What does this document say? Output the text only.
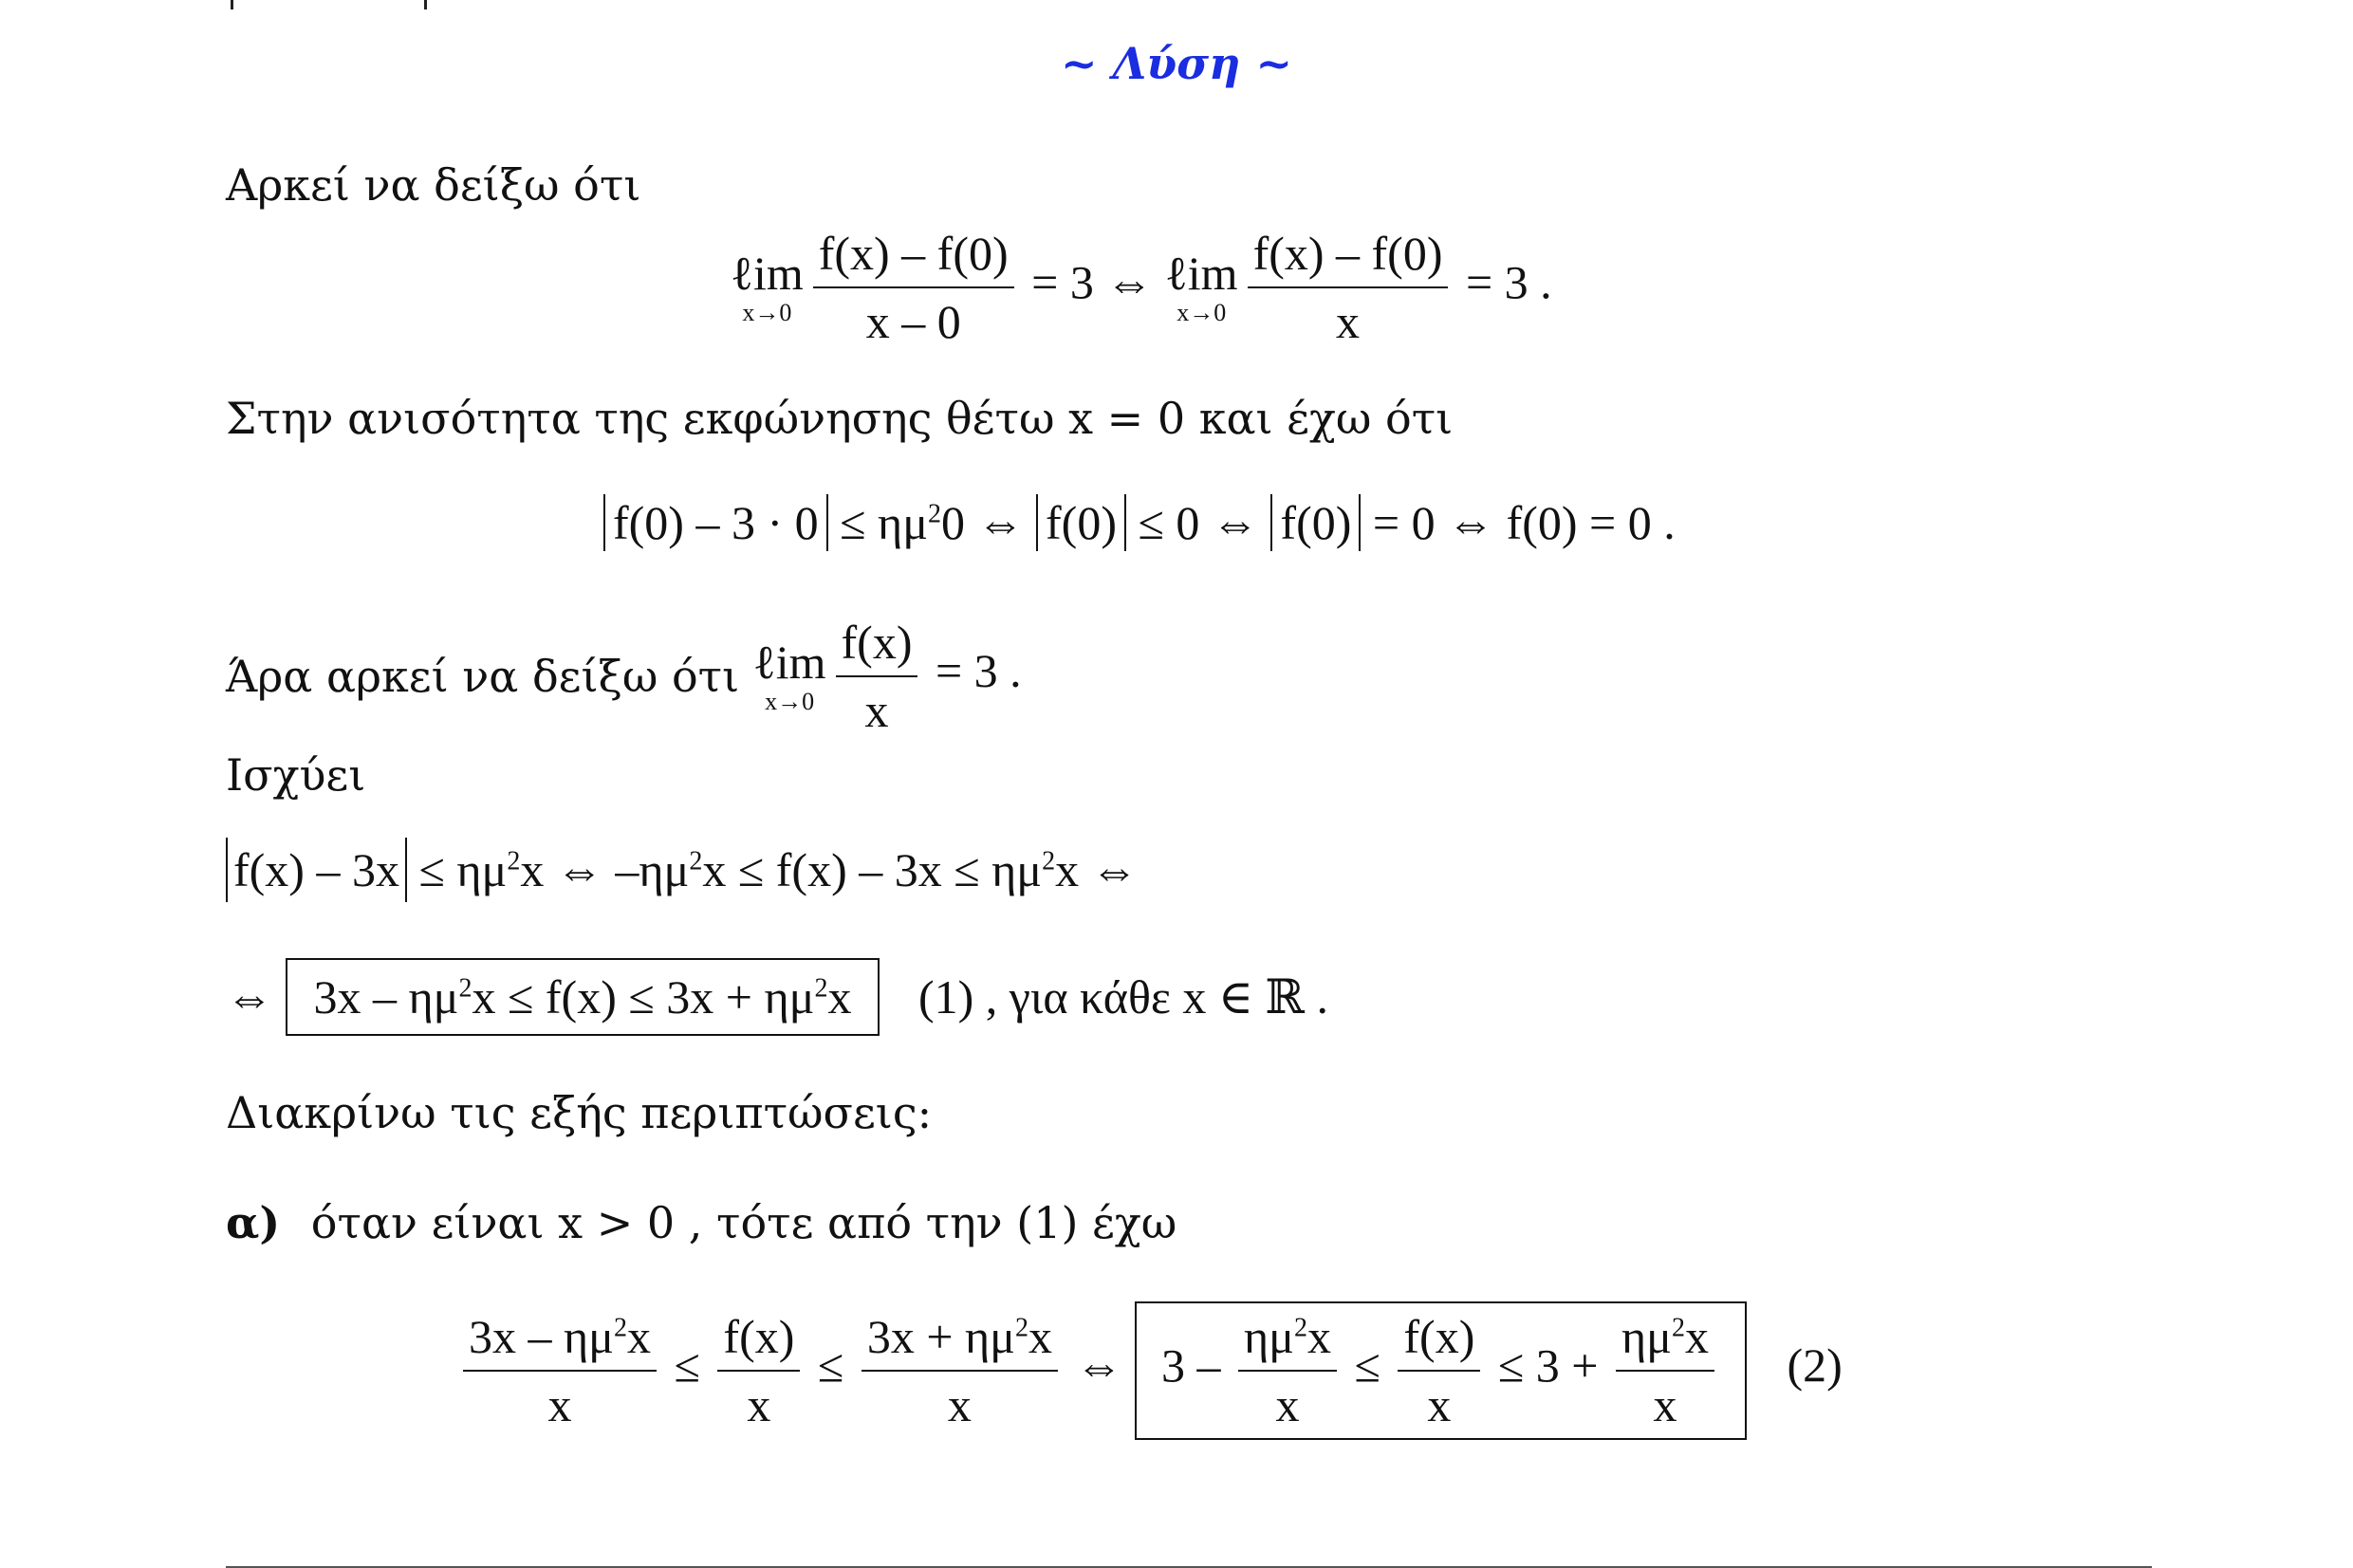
~ Λύση ~
Αρκεί να δείξω ότι
ℓim
$x\to 0 \frac{f(x) - f(0)}{x - 0} = 3$ ⇔ ℓim
$x\to 0 \frac{f(x) - f(0)}{x} = 3$ .
Στην ανισότητα της εκφώνησης θέτω x = 0 και έχω ότι
$f(0) - 3 \cdot 0 \le \eta\mu^20$ ⇔ f(0) ≤ 0 ⇔ f(0) = 0 ⇔ f(0) = 0 .
Άρα αρκεί να δείξω ότι ℓim
$x\to 0 \frac{f(x)}{x} = 3$ .
Ισχύει
$f(x) - 3x \le \eta\mu^2x$ ⇔ $-\eta\mu^2x \le f(x) - 3x \le \eta\mu^2x$ ⇔
⇔ $3x - \eta\mu^2x \le f(x) \le 3x + \eta\mu^2x$ (1) , για κάθε x ∈ ℝ .
Διακρίνω τις εξής περιπτώσεις:
α) όταν είναι x > 0 , τότε από την (1) έχω
$\frac{3x - \eta\mu^2x}{x} \le \frac{f(x)}{x} \le \frac{3x + \eta\mu^2x}{x}$ ⇔ $3 - \frac{\eta\mu^2x}{x} \le \frac{f(x)}{x} \le 3 + \frac{\eta\mu^2x}{x} (2)$
